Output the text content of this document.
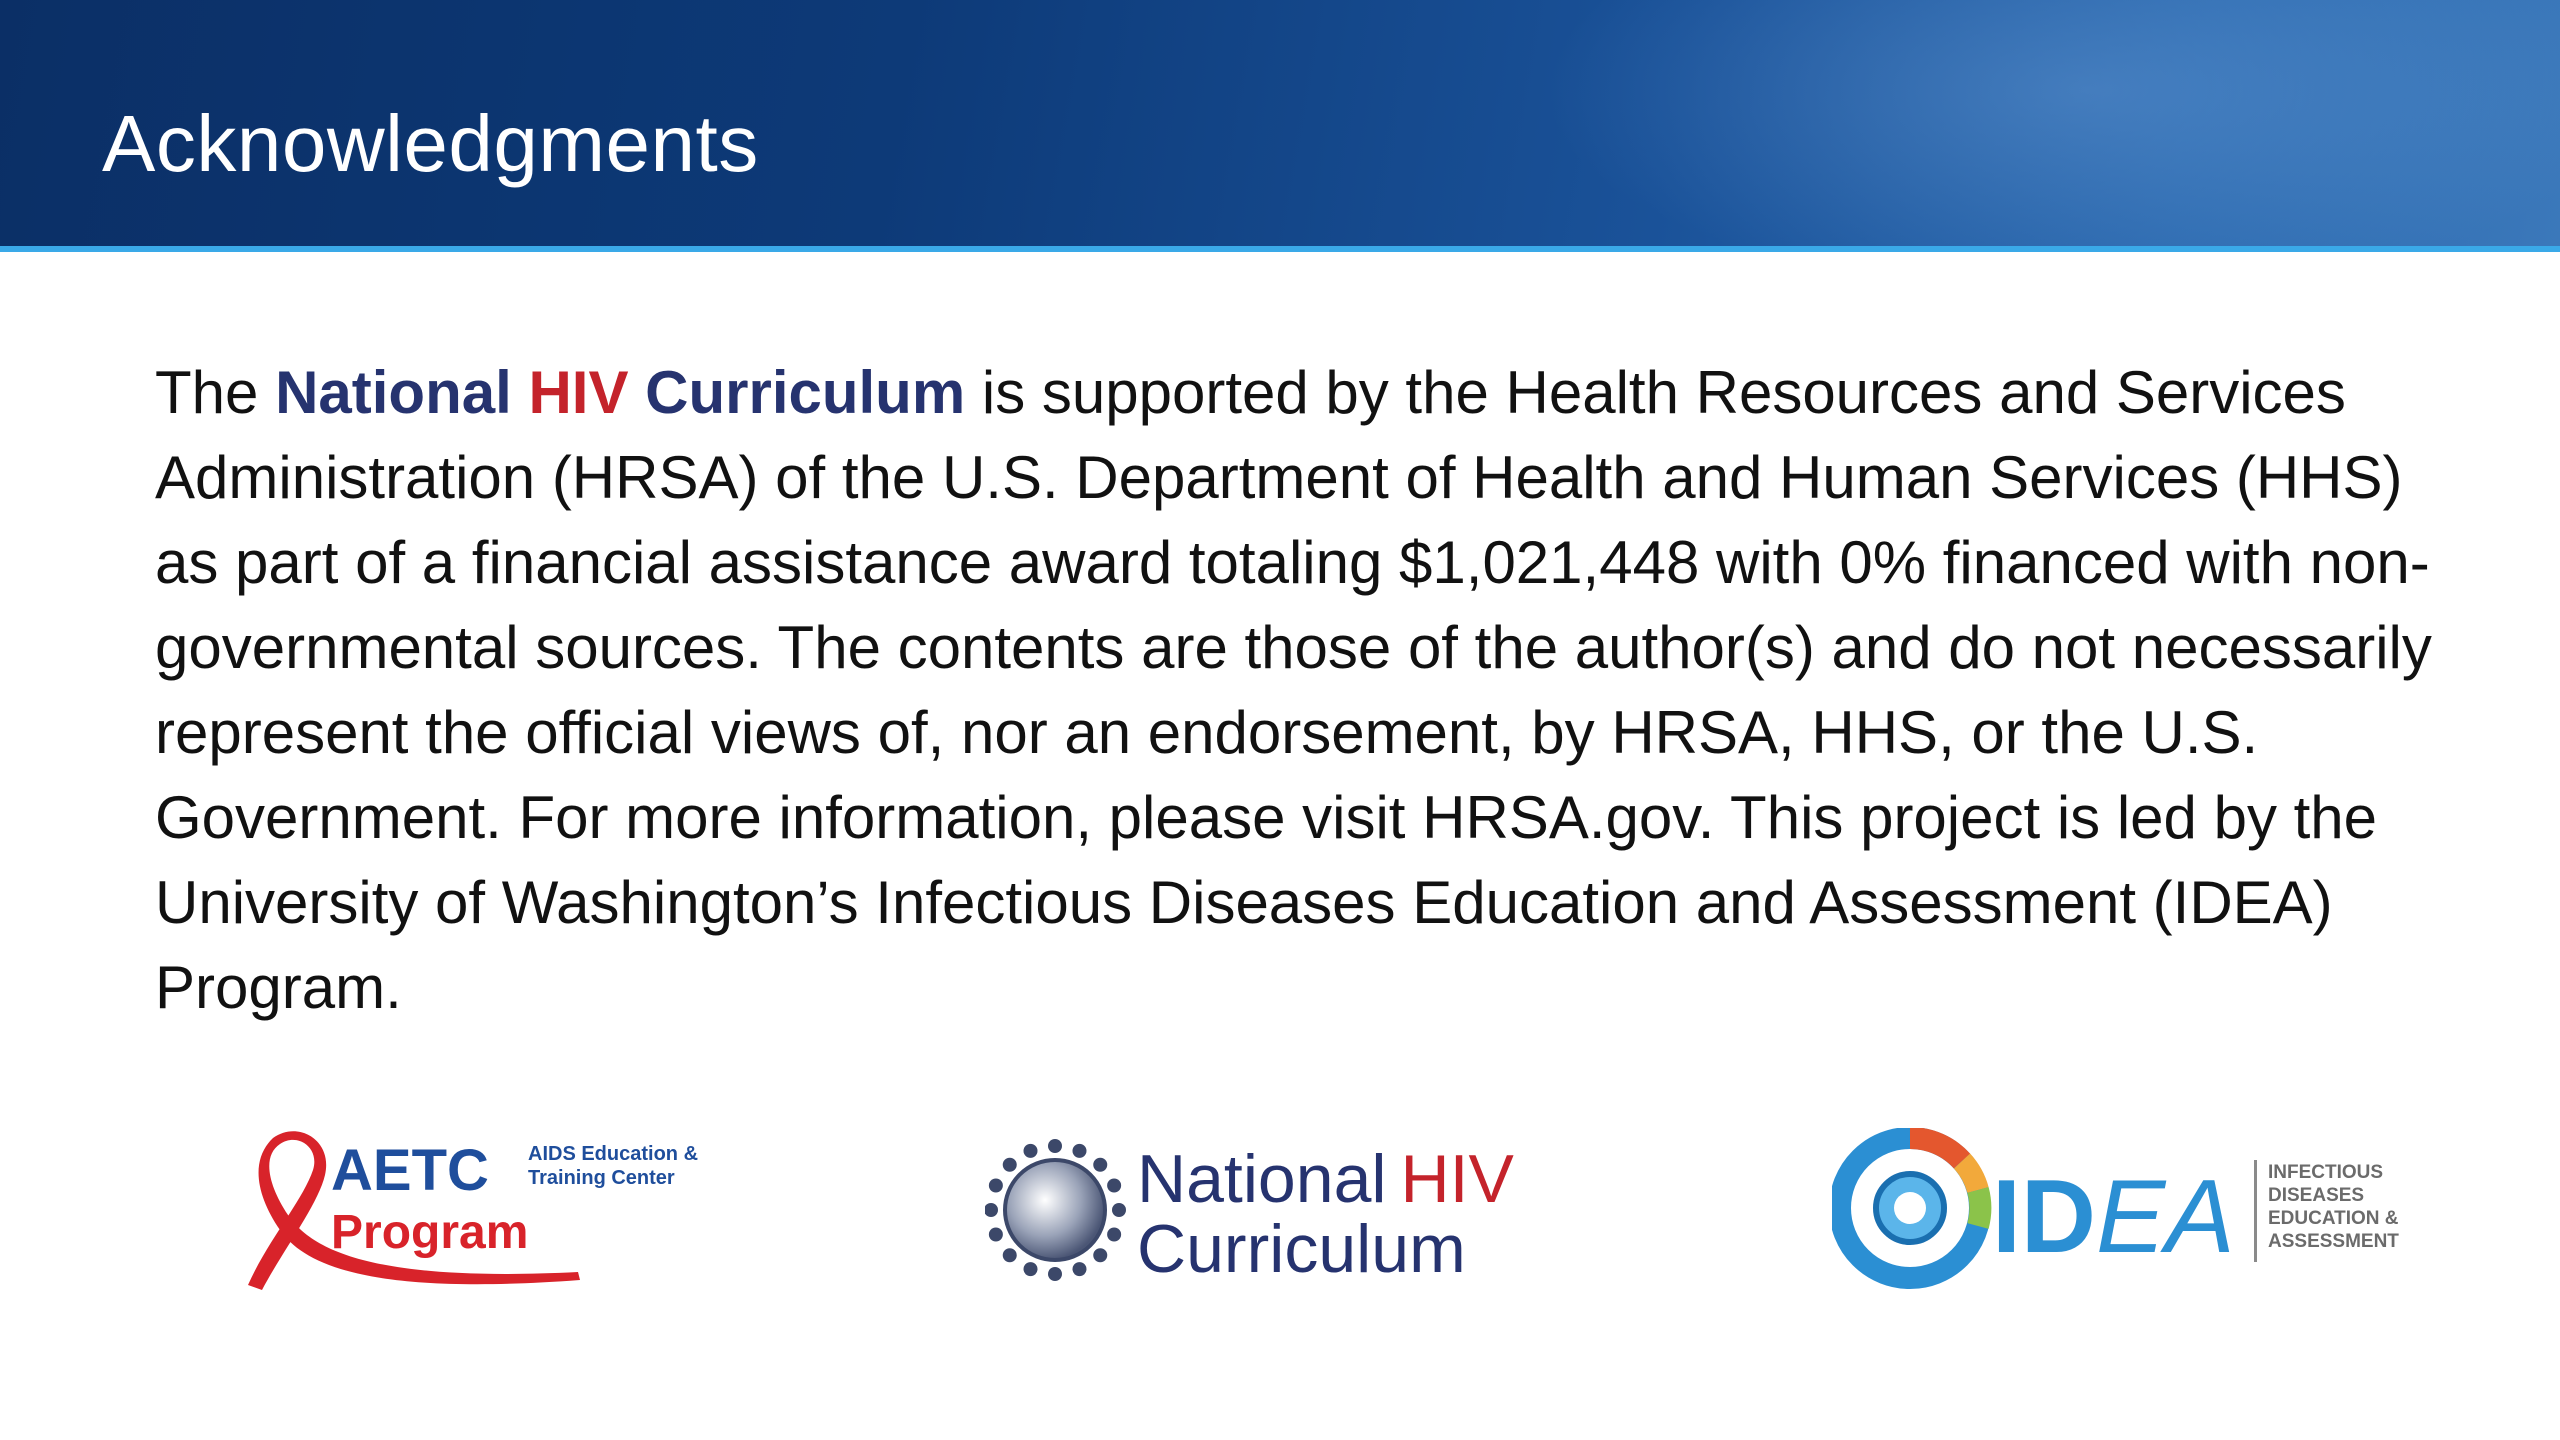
Acknowledgments

The National HIV Curriculum is supported by the Health Resources and Services Administration (HRSA) of the U.S. Department of Health and Human Services (HHS) as part of a financial assistance award totaling $1,021,448 with 0% financed with non-governmental sources. The contents are those of the author(s) and do not necessarily represent the official views of, nor an endorsement, by HRSA, HHS, or the U.S. Government. For more information, please visit HRSA.gov. This project is led by the University of Washington’s Infectious Diseases Education and Assessment (IDEA) Program.

AETC
Program
AIDS Education &
Training Center	National HIV
Curriculum	IDEA INFECTIOUS
DISEASES
EDUCATION &
ASSESSMENT
